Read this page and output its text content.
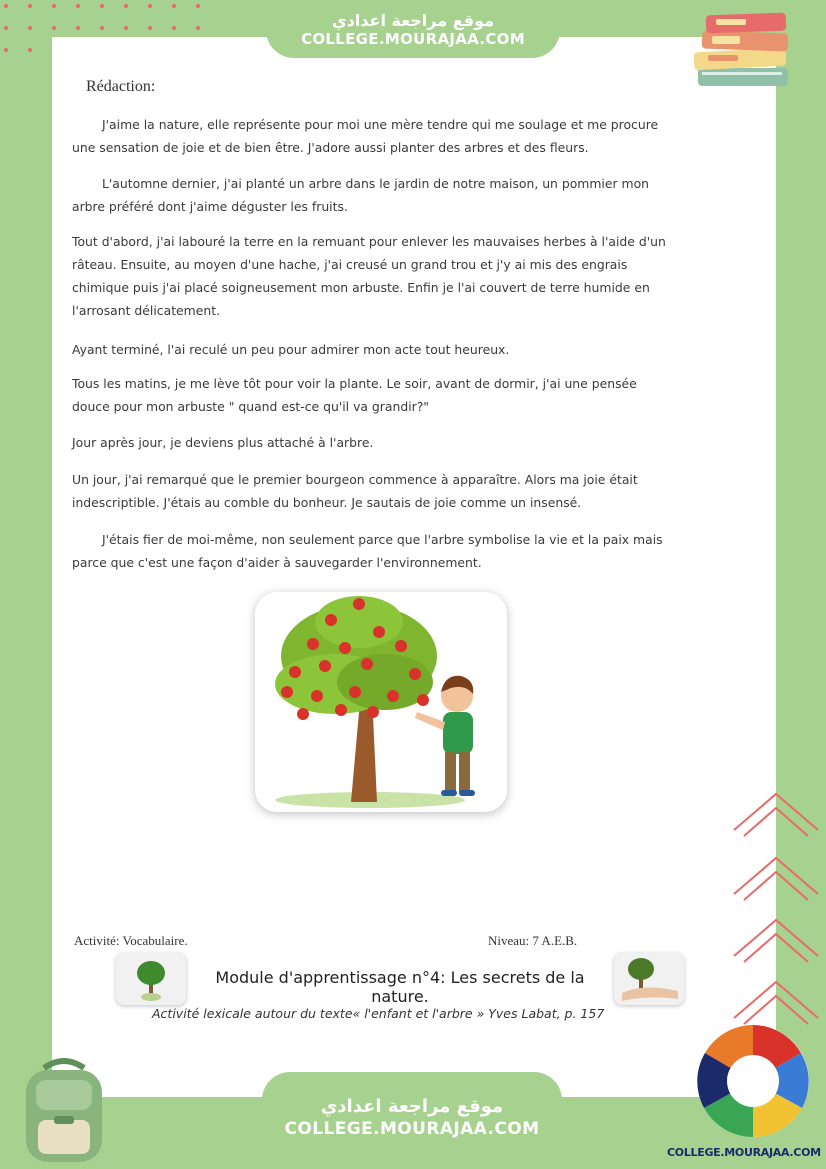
موقع مراجعة اعدادي
COLLEGE.MOURAJAA.COM
Rédaction:
J'aime la nature, elle représente pour moi une mère tendre qui me soulage et me procure
une sensation de joie et de bien être. J'adore aussi planter des arbres et des fleurs.
L'automne dernier, j'ai planté un arbre dans le jardin de notre maison, un pommier mon
arbre préféré dont j'aime déguster les fruits.
Tout d'abord, j'ai labouré la terre en la remuant pour enlever les mauvaises herbes à l'aide d'un
râteau. Ensuite, au moyen d'une hache, j'ai creusé un grand trou et j'y ai mis des engrais
chimique puis j'ai placé soigneusement mon arbuste. Enfin je l'ai couvert de terre humide en
l'arrosant délicatement.
Ayant terminé, l'ai reculé un peu pour admirer mon acte tout heureux.
Tous les matins, je me lève tôt pour voir la plante. Le soir, avant de dormir, j'ai une pensée
douce pour mon arbuste " quand est-ce qu'il va grandir?"
Jour après jour, je deviens plus attaché à l'arbre.
Un jour, j'ai remarqué que le premier bourgeon commence à apparaître. Alors ma joie était
indescriptible. J'étais au comble du bonheur. Je sautais de joie comme un insensé.
J'étais fier de moi-même, non seulement parce que l'arbre symbolise la vie et la paix mais
parce que c'est une façon d'aider à sauvegarder l'environnement.
Activité: Vocabulaire.	Niveau: 7 A.E.B.
Module d'apprentissage n°4: Les secrets de la nature.
Activité lexicale autour du texte« l'enfant et l'arbre » Yves Labat, p. 157
موقع مراجعة اعدادي
COLLEGE.MOURAJAA.COM
COLLEGE.MOURAJAA.COM
